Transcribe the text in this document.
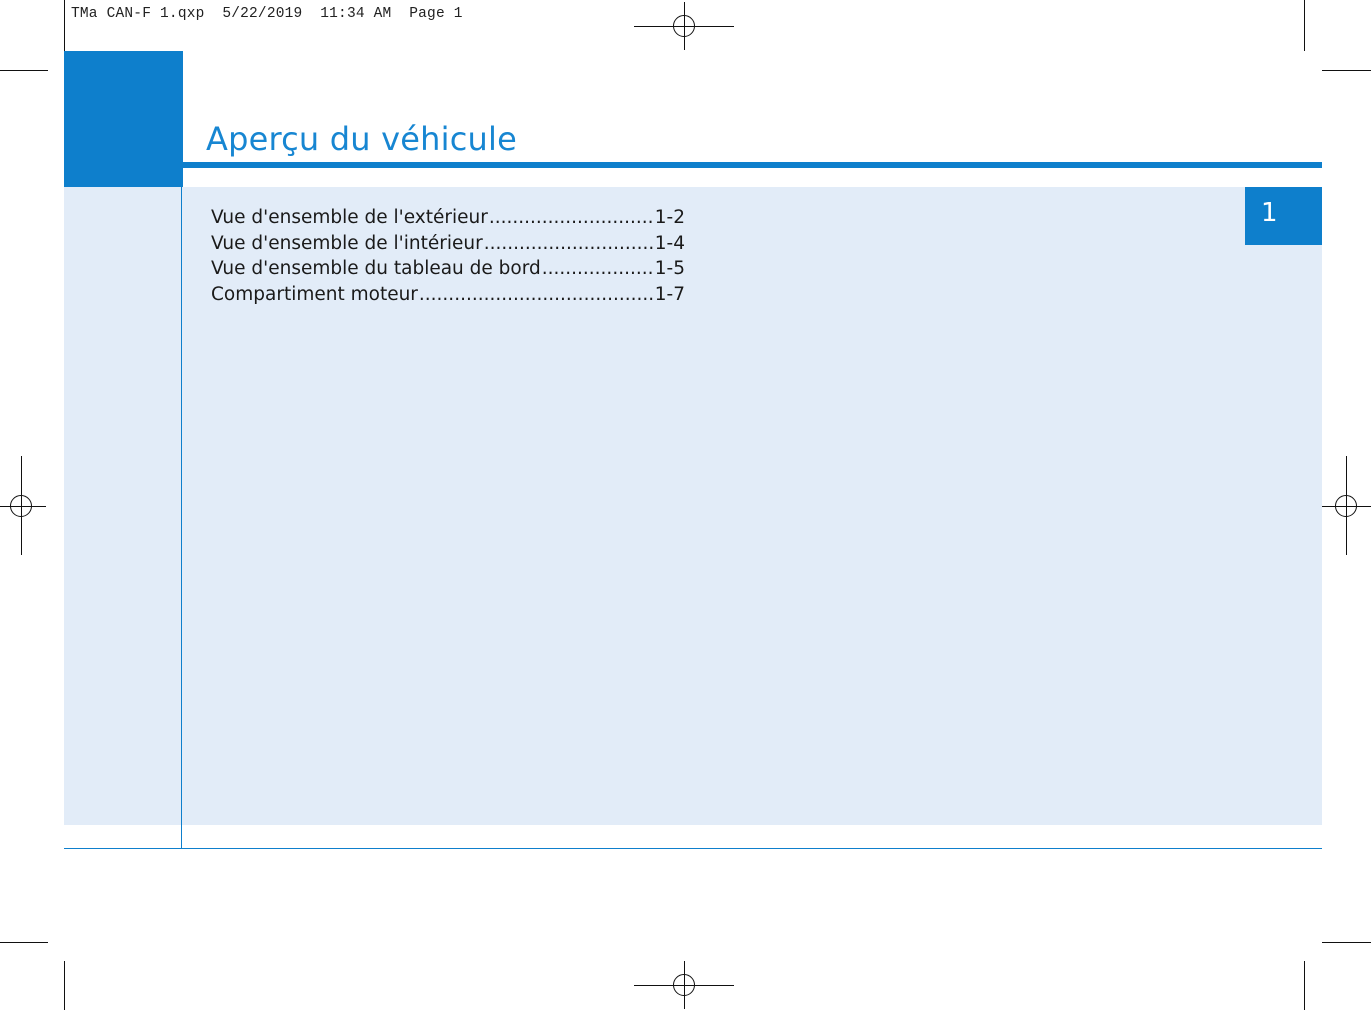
TMa CAN-F 1.qxp  5/22/2019  11:34 AM  Page 1
Aperçu du véhicule
1
Vue d'ensemble de l'extérieur .....	1-2
Vue d'ensemble de l'intérieur .....	1-4
Vue d'ensemble du tableau de bord .....	1-5
Compartiment moteur .....	1-7
